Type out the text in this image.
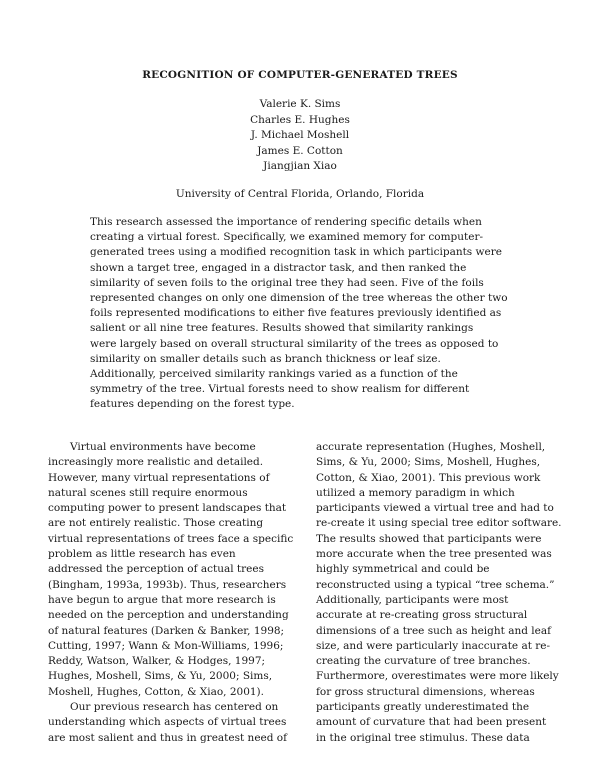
RECOGNITION OF COMPUTER-GENERATED TREES
Valerie K. Sims
Charles E. Hughes
J. Michael Moshell
James E. Cotton
Jiangjian Xiao
University of Central Florida, Orlando, Florida
This research assessed the importance of rendering specific details when
creating a virtual forest. Specifically, we examined memory for computer-
generated trees using a modified recognition task in which participants were
shown a target tree, engaged in a distractor task, and then ranked the
similarity of seven foils to the original tree they had seen. Five of the foils
represented changes on only one dimension of the tree whereas the other two
foils represented modifications to either five features previously identified as
salient or all nine tree features. Results showed that similarity rankings
were largely based on overall structural similarity of the trees as opposed to
similarity on smaller details such as branch thickness or leaf size.
Additionally, perceived similarity rankings varied as a function of the
symmetry of the tree. Virtual forests need to show realism for different
features depending on the forest type.
Virtual environments have become
increasingly more realistic and detailed.
However, many virtual representations of
natural scenes still require enormous
computing power to present landscapes that
are not entirely realistic. Those creating
virtual representations of trees face a specific
problem as little research has even
addressed the perception of actual trees
(Bingham, 1993a, 1993b). Thus, researchers
have begun to argue that more research is
needed on the perception and understanding
of natural features (Darken & Banker, 1998;
Cutting, 1997; Wann & Mon-Williams, 1996;
Reddy, Watson, Walker, & Hodges, 1997;
Hughes, Moshell, Sims, & Yu, 2000; Sims,
Moshell, Hughes, Cotton, & Xiao, 2001).
Our previous research has centered on
understanding which aspects of virtual trees
are most salient and thus in greatest need of
accurate representation (Hughes, Moshell,
Sims, & Yu, 2000; Sims, Moshell, Hughes,
Cotton, & Xiao, 2001). This previous work
utilized a memory paradigm in which
participants viewed a virtual tree and had to
re-create it using special tree editor software.
The results showed that participants were
more accurate when the tree presented was
highly symmetrical and could be
reconstructed using a typical “tree schema.”
Additionally, participants were most
accurate at re-creating gross structural
dimensions of a tree such as height and leaf
size, and were particularly inaccurate at re-
creating the curvature of tree branches.
Furthermore, overestimates were more likely
for gross structural dimensions, whereas
participants greatly underestimated the
amount of curvature that had been present
in the original tree stimulus. These data
